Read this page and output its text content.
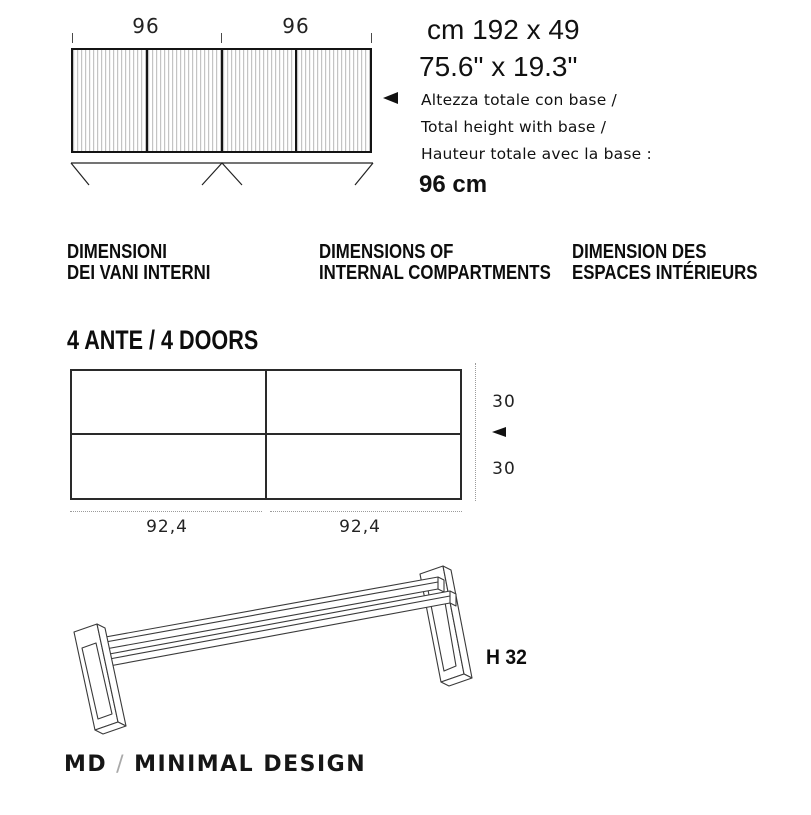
96	96	cm 192 x 49
75.6" x 19.3"
Altezza totale con base /
Total height with base /
Hauteur totale avec la base :
96 cm
DIMENSIONI
DEI VANI INTERNI
DIMENSIONS OF
INTERNAL COMPARTMENTS
DIMENSION DES
ESPACES INTÉRIEURS
4 ANTE / 4 DOORS
30
30
92,4	92,4
H 32
MD / MINIMAL DESIGN
